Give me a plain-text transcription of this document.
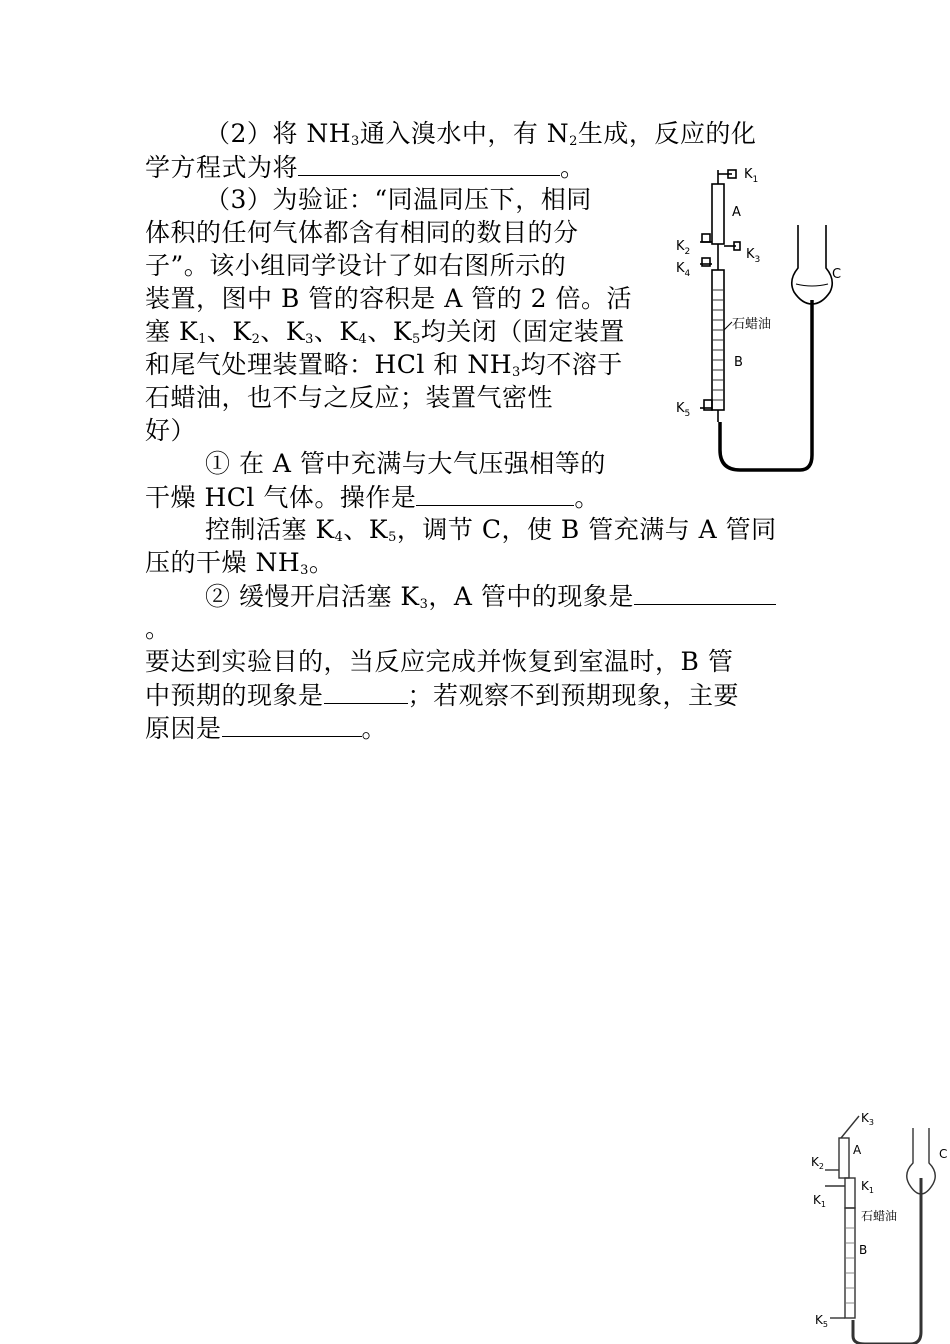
（2）将 $NH_3$通入溴水中，有 $N_2$生成，反应的化
学方程式为将	。
（3）为验证：“同温同压下，相同
体积的任何气体都含有相同的数目的分
子”。该小组同学设计了如右图所示的
装置，图中 B 管的容积是 A 管的 2 倍。活
塞 $K_1$、$K_2$、$K_3$、$K_4$、$K_5$均关闭（固定装置
和尾气处理装置略：HCl 和 $NH_3$均不溶于
石蜡油，也不与之反应；装置气密性
好）
① 在 A 管中充满与大气压强相等的
干燥 HCl 气体。操作是	。
控制活塞 $K_4$、$K_5$，调节 C，使 B 管充满与 A 管同
压的干燥 $NH_3$。
② 缓慢开启活塞 $K_3$，A 管中的现象是
。
要达到实验目的，当反应完成并恢复到室温时，B 管
中预期的现象是	；若观察不到预期现象，主要
原因是	。
$K_1$
A
$K_2$	$K_3$
$K_4$	C
石蜡油
B
$K_5$
$K_3$
A
$K_2$
$K_1$
$K_1$
C
石蜡油
B
$K_5$
